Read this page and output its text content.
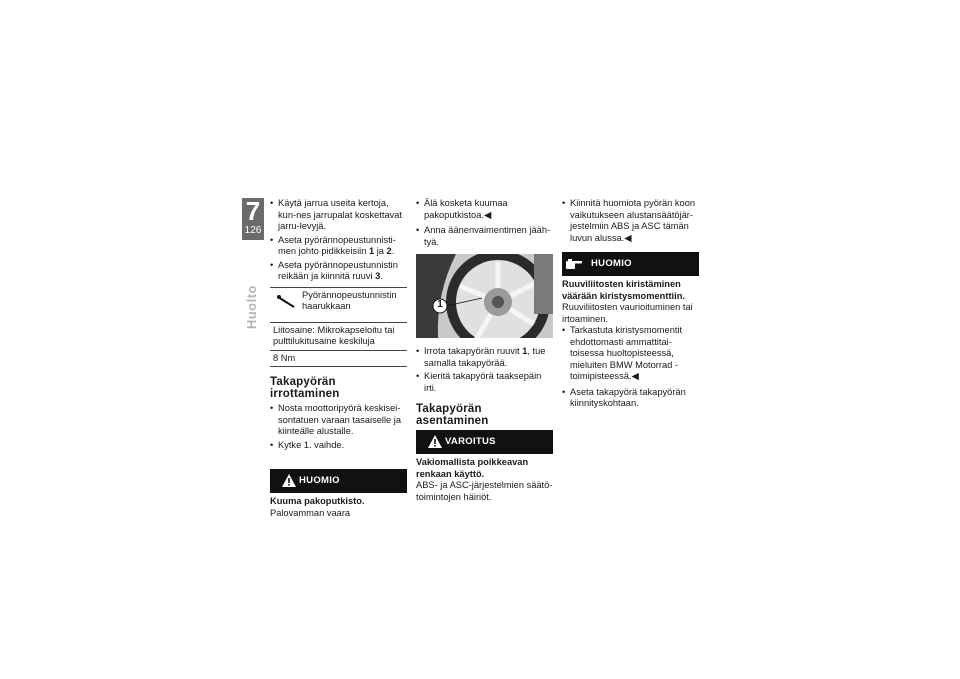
7
126
Huolto
• Käytä jarrua useita kertoja, kun-nes jarrupalat koskettavat jarru-levyjä.
• Aseta pyörännopeustunnisti-men johto pidikkeisiin 1 ja 2.
• Aseta pyörännopeustunnistin reikään ja kiinnitä ruuvi 3.
Pyörännopeustunnistin haarukkaan
Liitosaine: Mikrokapseloitu tai pulttilukitusaine keskiluja
8 Nm
Takapyörän irrottaminen
• Nosta moottoripyörä keskisei-sontatuen varaan tasaiselle ja kiinteälle alustalle.
• Kytke 1. vaihde.
HUOMIO
Kuuma pakoputkisto.
Palovamman vaara
• Älä kosketa kuumaa pakoputkistoa.◀
• Anna äänenvaimentimen jääh-tyä.
1
• Irrota takapyörän ruuvit 1, tue samalla takapyörää.
• Kieritä takapyörä taaksepäin irti.
Takapyörän asentaminen
VAROITUS
Vakiomallista poikkeavan renkaan käyttö.
ABS- ja ASC-järjestelmien säätö-toimintojen häiriöt.
• Kiinnitä huomiota pyörän koon vaikutukseen alustansäätöjär-jestelmiin ABS ja ASC tämän luvun alussa.◀
HUOMIO
Ruuviliitosten kiristäminen väärään kiristysmomenttiin.
Ruuviliitosten vaurioituminen tai irtoaminen.
• Tarkastuta kiristysmomentit ehdottomasti ammattitai-toisessa huoltopisteessä, mieluiten BMW Motorrad -toimipisteessä.◀
• Aseta takapyörä takapyörän kiinnityskohtaan.
